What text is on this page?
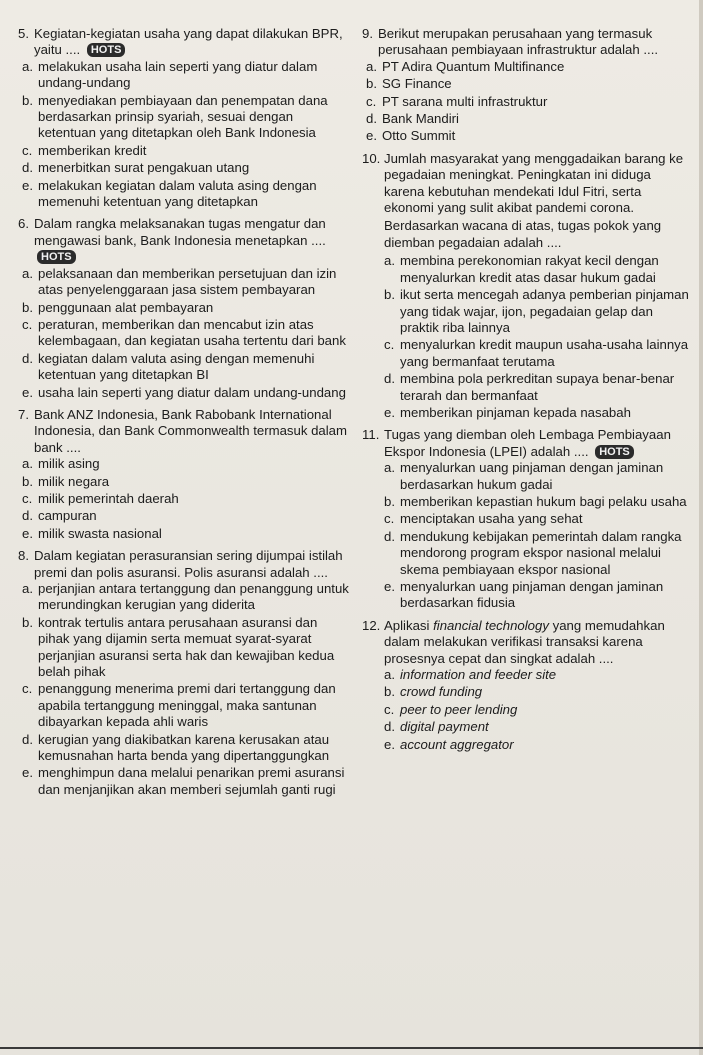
5. Kegiatan-kegiatan usaha yang dapat dilakukan BPR, yaitu .... HOTS
a. melakukan usaha lain seperti yang diatur dalam undang-undang
b. menyediakan pembiayaan dan penempatan dana berdasarkan prinsip syariah, sesuai dengan ketentuan yang ditetapkan oleh Bank Indonesia
c. memberikan kredit
d. menerbitkan surat pengakuan utang
e. melakukan kegiatan dalam valuta asing dengan memenuhi ketentuan yang ditetapkan
6. Dalam rangka melaksanakan tugas mengatur dan mengawasi bank, Bank Indonesia menetapkan .... HOTS
a. pelaksanaan dan memberikan persetujuan dan izin atas penyelenggaraan jasa sistem pembayaran
b. penggunaan alat pembayaran
c. peraturan, memberikan dan mencabut izin atas kelembagaan, dan kegiatan usaha tertentu dari bank
d. kegiatan dalam valuta asing dengan memenuhi ketentuan yang ditetapkan BI
e. usaha lain seperti yang diatur dalam undang-undang
7. Bank ANZ Indonesia, Bank Rabobank International Indonesia, dan Bank Commonwealth termasuk dalam bank ....
a. milik asing
b. milik negara
c. milik pemerintah daerah
d. campuran
e. milik swasta nasional
8. Dalam kegiatan perasuransian sering dijumpai istilah premi dan polis asuransi. Polis asuransi adalah ....
a. perjanjian antara tertanggung dan penanggung untuk merundingkan kerugian yang diderita
b. kontrak tertulis antara perusahaan asuransi dan pihak yang dijamin serta memuat syarat-syarat perjanjian asuransi serta hak dan kewajiban kedua belah pihak
c. penanggung menerima premi dari tertanggung dan apabila tertanggung meninggal, maka santunan dibayarkan kepada ahli waris
d. kerugian yang diakibatkan karena kerusakan atau kemusnahan harta benda yang dipertanggungkan
e. menghimpun dana melalui penarikan premi asuransi dan menjanjikan akan memberi sejumlah ganti rugi
9. Berikut merupakan perusahaan yang termasuk perusahaan pembiayaan infrastruktur adalah ....
a. PT Adira Quantum Multifinance
b. SG Finance
c. PT sarana multi infrastruktur
d. Bank Mandiri
e. Otto Summit
10. Jumlah masyarakat yang menggadaikan barang ke pegadaian meningkat. Peningkatan ini diduga karena kebutuhan mendekati Idul Fitri, serta ekonomi yang sulit akibat pandemi corona.
Berdasarkan wacana di atas, tugas pokok yang diemban pegadaian adalah ....
a. membina perekonomian rakyat kecil dengan menyalurkan kredit atas dasar hukum gadai
b. ikut serta mencegah adanya pemberian pinjaman yang tidak wajar, ijon, pegadaian gelap dan praktik riba lainnya
c. menyalurkan kredit maupun usaha-usaha lainnya yang bermanfaat terutama
d. membina pola perkreditan supaya benar-benar terarah dan bermanfaat
e. memberikan pinjaman kepada nasabah
11. Tugas yang diemban oleh Lembaga Pembiayaan Ekspor Indonesia (LPEI) adalah .... HOTS
a. menyalurkan uang pinjaman dengan jaminan berdasarkan hukum gadai
b. memberikan kepastian hukum bagi pelaku usaha
c. menciptakan usaha yang sehat
d. mendukung kebijakan pemerintah dalam rangka mendorong program ekspor nasional melalui skema pembiayaan ekspor nasional
e. menyalurkan uang pinjaman dengan jaminan berdasarkan fidusia
12. Aplikasi financial technology yang memudahkan dalam melakukan verifikasi transaksi karena prosesnya cepat dan singkat adalah ....
a. information and feeder site
b. crowd funding
c. peer to peer lending
d. digital payment
e. account aggregator
